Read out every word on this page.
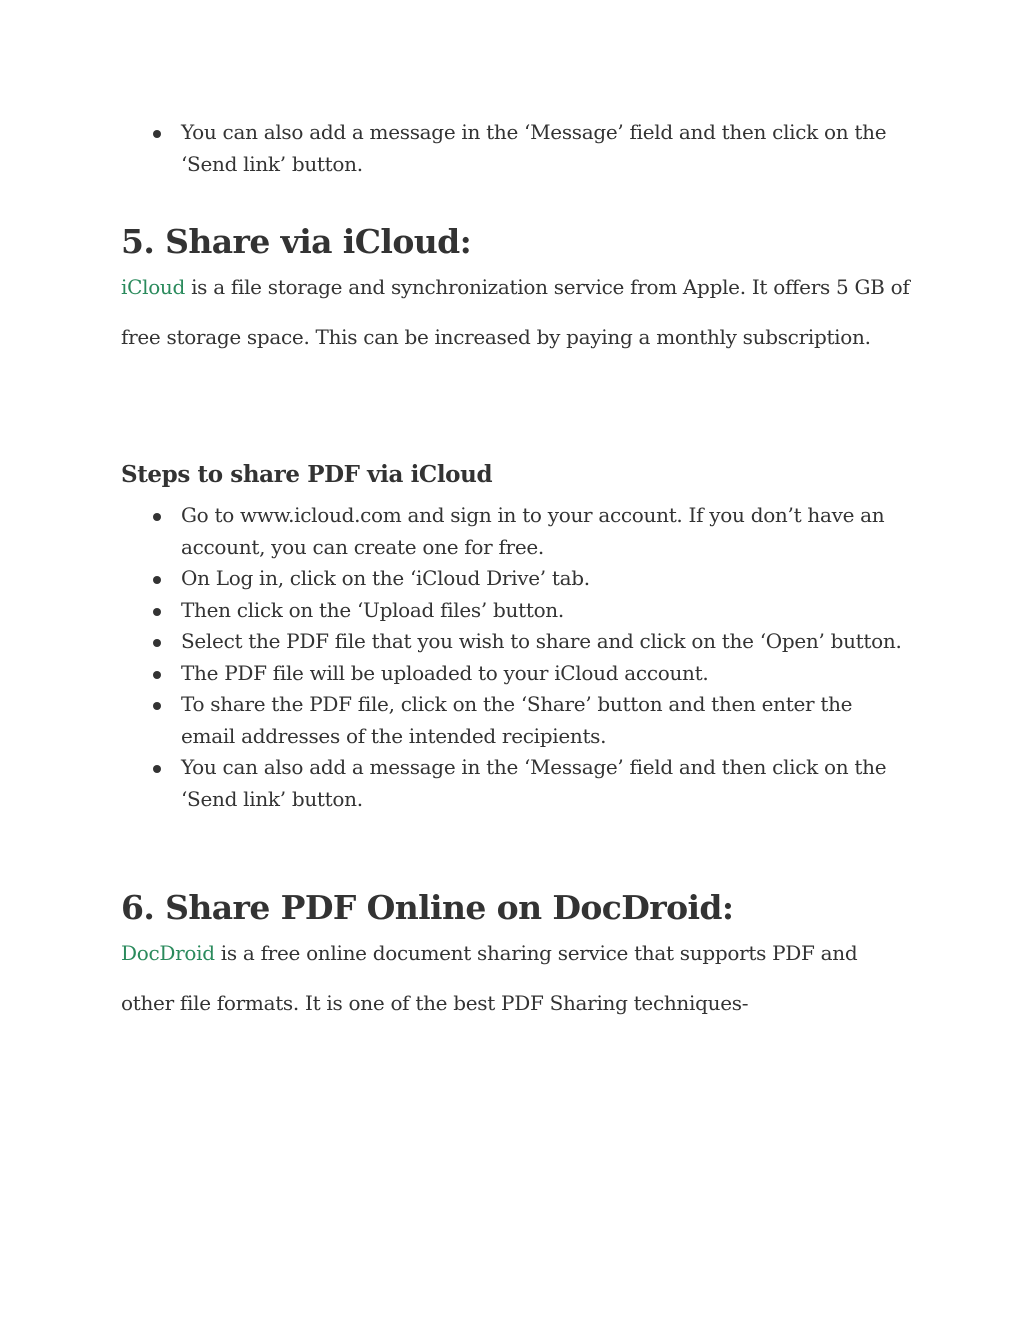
You can also add a message in the ‘Message’ field and then click on the ‘Send link’ button.
5. Share via iCloud:

iCloud is a file storage and synchronization service from Apple. It offers 5 GB of free storage space. This can be increased by paying a monthly subscription.

Steps to share PDF via iCloud
Go to www.icloud.com and sign in to your account. If you don’t have an account, you can create one for free.
On Log in, click on the ‘iCloud Drive’ tab.
Then click on the ‘Upload files’ button.
Select the PDF file that you wish to share and click on the ‘Open’ button.
The PDF file will be uploaded to your iCloud account.
To share the PDF file, click on the ‘Share’ button and then enter the email addresses of the intended recipients.
You can also add a message in the ‘Message’ field and then click on the ‘Send link’ button.
6. Share PDF Online on DocDroid:

DocDroid is a free online document sharing service that supports PDF and other file formats. It is one of the best PDF Sharing techniques-
